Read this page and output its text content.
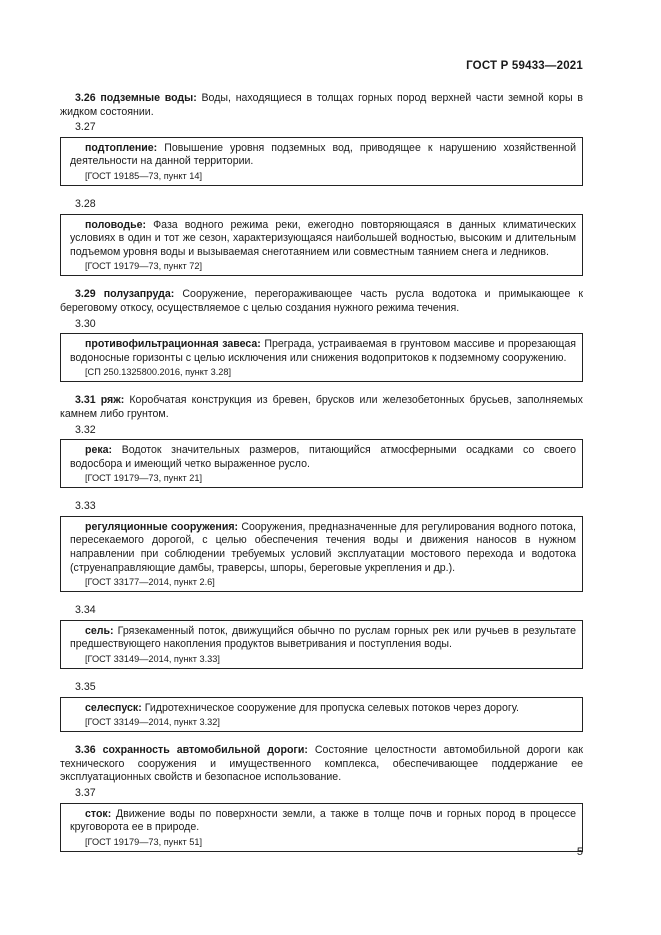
ГОСТ Р 59433—2021

3.26 подземные воды: Воды, находящиеся в толщах горных пород верхней части земной коры в жидком состоянии.

3.27

подтопление: Повышение уровня подземных вод, приводящее к нарушению хозяйственной деятельности на данной территории.

[ГОСТ 19185—73, пункт 14]

3.28

половодье: Фаза водного режима реки, ежегодно повторяющаяся в данных климатических условиях в один и тот же сезон, характеризующаяся наибольшей водностью, высоким и длительным подъемом уровня воды и вызываемая снеготаянием или совместным таянием снега и ледников.

[ГОСТ 19179—73, пункт 72]

3.29 полузапруда: Сооружение, перегораживающее часть русла водотока и примыкающее к береговому откосу, осуществляемое с целью создания нужного режима течения.

3.30

противофильтрационная завеса: Преграда, устраиваемая в грунтовом массиве и прорезающая водоносные горизонты с целью исключения или снижения водопритоков к подземному сооружению.

[СП 250.1325800.2016, пункт 3.28]

3.31 ряж: Коробчатая конструкция из бревен, брусков или железобетонных брусьев, заполняемых камнем либо грунтом.

3.32

река: Водоток значительных размеров, питающийся атмосферными осадками со своего водосбора и имеющий четко выраженное русло.

[ГОСТ 19179—73, пункт 21]

3.33

регуляционные сооружения: Сооружения, предназначенные для регулирования водного потока, пересекаемого дорогой, с целью обеспечения течения воды и движения наносов в нужном направлении при соблюдении требуемых условий эксплуатации мостового перехода и водотока (струенаправляющие дамбы, траверсы, шпоры, береговые укрепления и др.).

[ГОСТ 33177—2014, пункт 2.6]

3.34

сель: Грязекаменный поток, движущийся обычно по руслам горных рек или ручьев в результате предшествующего накопления продуктов выветривания и поступления воды.

[ГОСТ 33149—2014, пункт 3.33]

3.35

селеспуск: Гидротехническое сооружение для пропуска селевых потоков через дорогу.

[ГОСТ 33149—2014, пункт 3.32]

3.36 сохранность автомобильной дороги: Состояние целостности автомобильной дороги как технического сооружения и имущественного комплекса, обеспечивающее поддержание ее эксплуатационных свойств и безопасное использование.

3.37

сток: Движение воды по поверхности земли, а также в толще почв и горных пород в процессе круговорота ее в природе.

[ГОСТ 19179—73, пункт 51]

5
